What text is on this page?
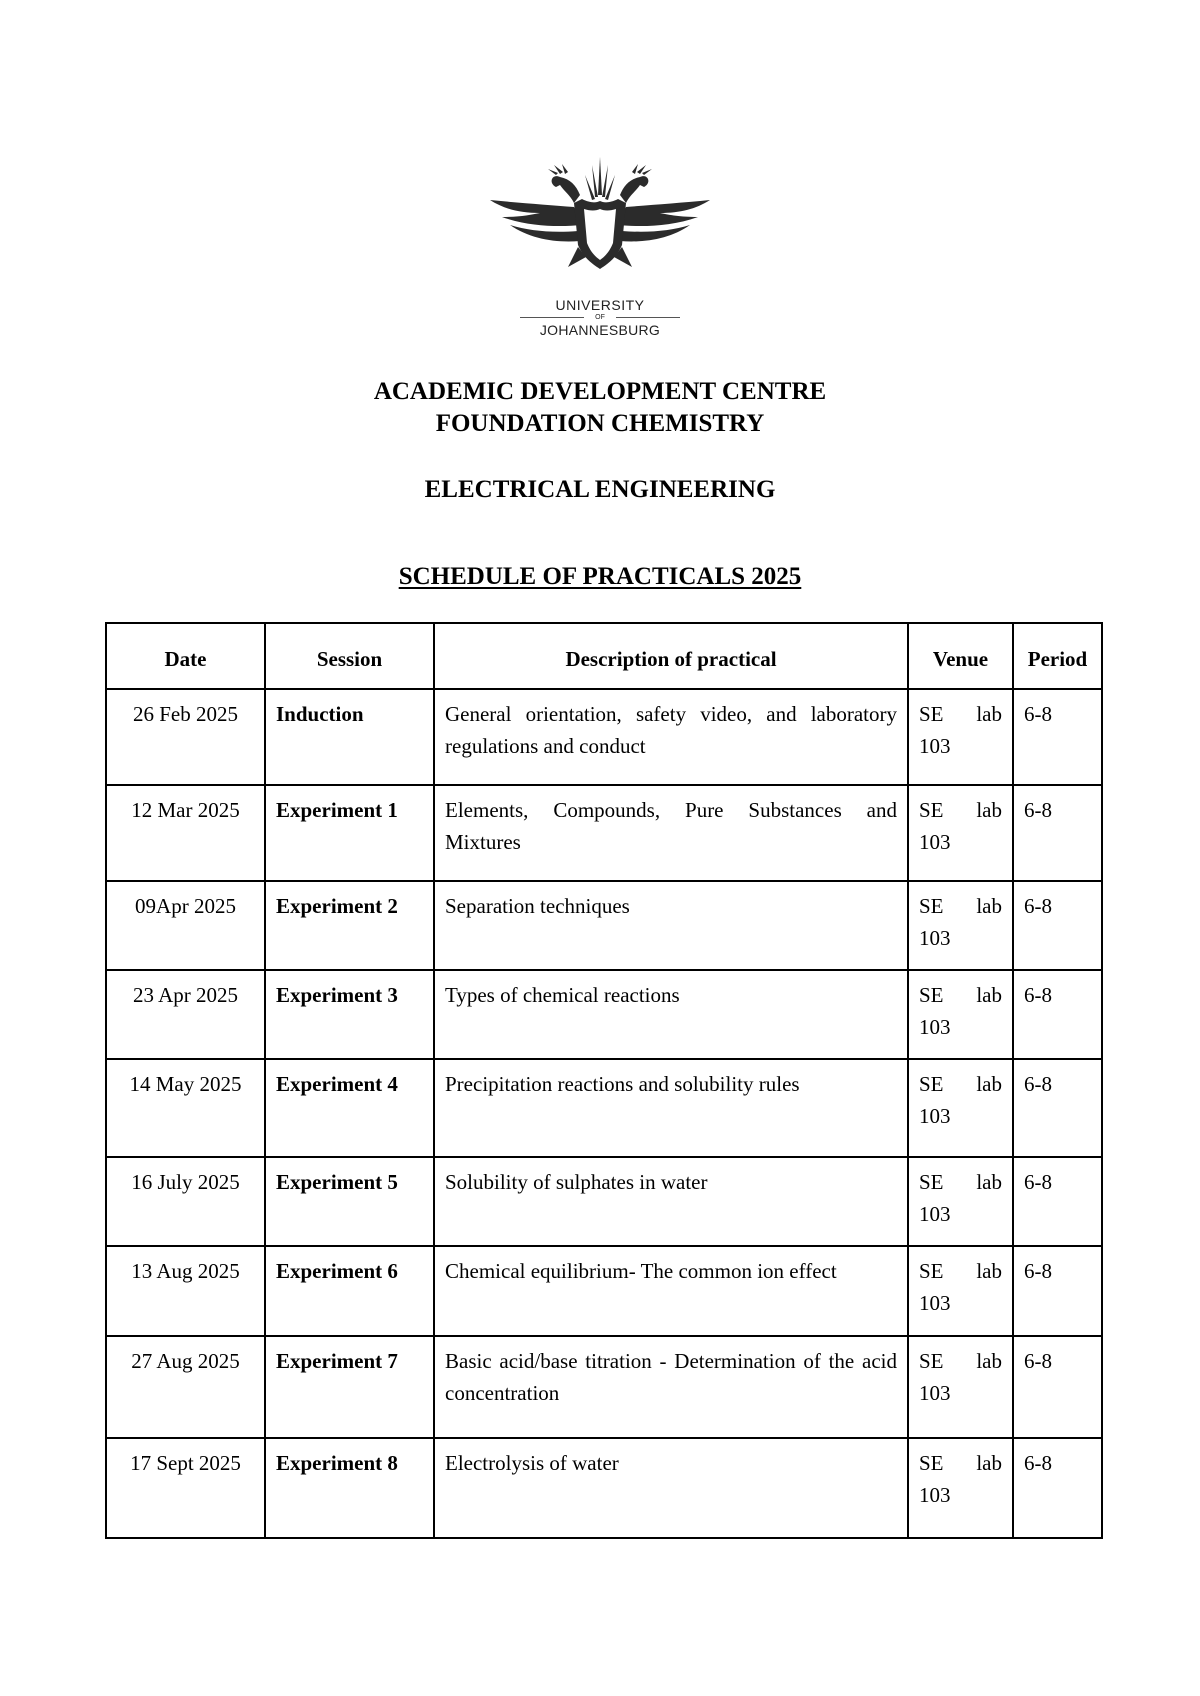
UNIVERSITY
OF
JOHANNESBURG
ACADEMIC DEVELOPMENT CENTRE
FOUNDATION CHEMISTRY
ELECTRICAL ENGINEERING
SCHEDULE OF PRACTICALS 2025
Date	Session	Description of practical	Venue	Period
26 Feb 2025	Induction	General orientation, safety video, and laboratory regulations and conduct	SE lab 103	6-8
12 Mar 2025	Experiment 1	Elements, Compounds, Pure Substances and Mixtures	SE lab 103	6-8
09Apr 2025	Experiment 2	Separation techniques	SE lab 103	6-8
23 Apr 2025	Experiment 3	Types of chemical reactions	SE lab 103	6-8
14 May 2025	Experiment 4	Precipitation reactions and solubility rules	SE lab 103	6-8
16 July 2025	Experiment 5	Solubility of sulphates in water	SE lab 103	6-8
13 Aug 2025	Experiment 6	Chemical equilibrium- The common ion effect	SE lab 103	6-8
27 Aug 2025	Experiment 7	Basic acid/base titration - Determination of the acid concentration	SE lab 103	6-8
17 Sept 2025	Experiment 8	Electrolysis of water	SE lab 103	6-8
